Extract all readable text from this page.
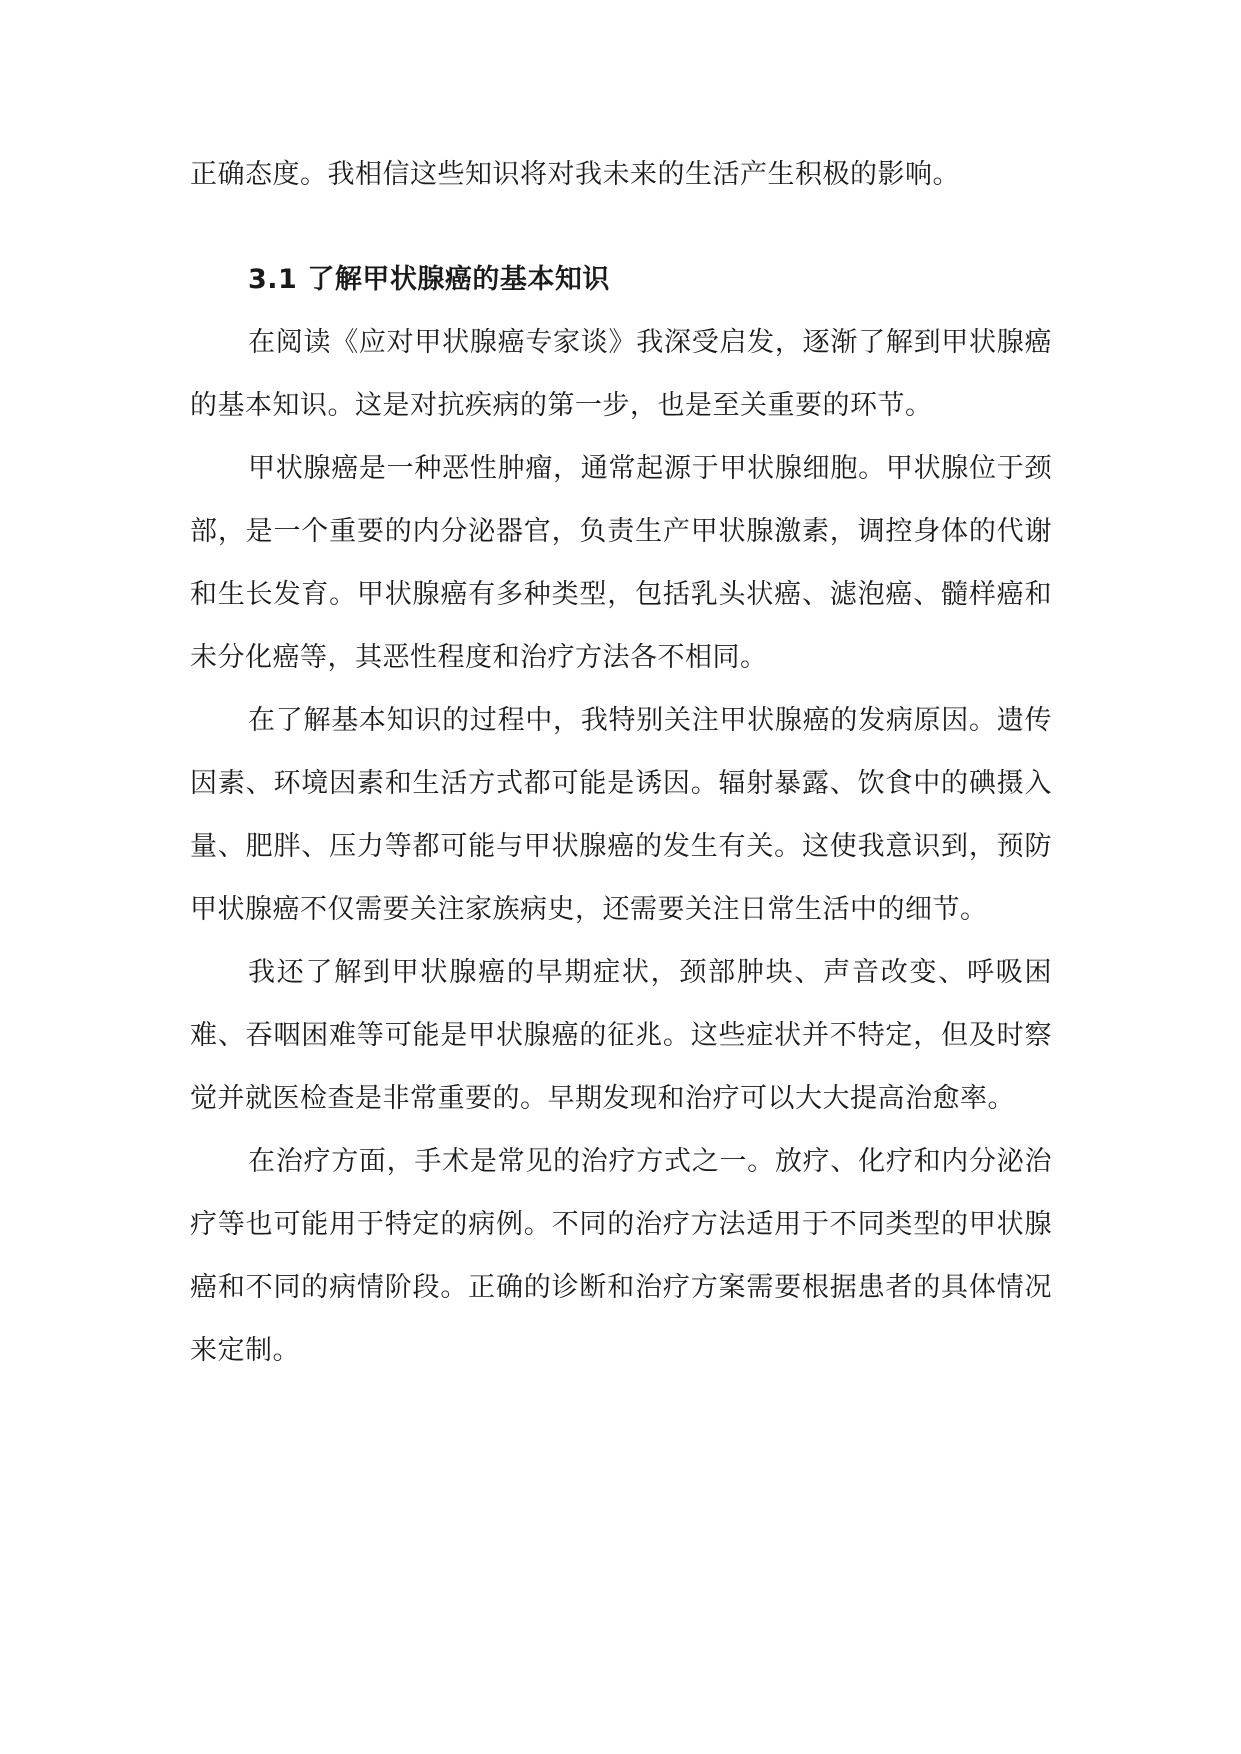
正确态度。我相信这些知识将对我未来的生活产生积极的影响。

3.1 了解甲状腺癌的基本知识

在阅读《应对甲状腺癌专家谈》我深受启发，逐渐了解到甲状腺癌的基本知识。这是对抗疾病的第一步，也是至关重要的环节。

甲状腺癌是一种恶性肿瘤，通常起源于甲状腺细胞。甲状腺位于颈部，是一个重要的内分泌器官，负责生产甲状腺激素，调控身体的代谢和生长发育。甲状腺癌有多种类型，包括乳头状癌、滤泡癌、髓样癌和未分化癌等，其恶性程度和治疗方法各不相同。

在了解基本知识的过程中，我特别关注甲状腺癌的发病原因。遗传因素、环境因素和生活方式都可能是诱因。辐射暴露、饮食中的碘摄入量、肥胖、压力等都可能与甲状腺癌的发生有关。这使我意识到，预防甲状腺癌不仅需要关注家族病史，还需要关注日常生活中的细节。

我还了解到甲状腺癌的早期症状，颈部肿块、声音改变、呼吸困难、吞咽困难等可能是甲状腺癌的征兆。这些症状并不特定，但及时察觉并就医检查是非常重要的。早期发现和治疗可以大大提高治愈率。

在治疗方面，手术是常见的治疗方式之一。放疗、化疗和内分泌治疗等也可能用于特定的病例。不同的治疗方法适用于不同类型的甲状腺癌和不同的病情阶段。正确的诊断和治疗方案需要根据患者的具体情况来定制。
